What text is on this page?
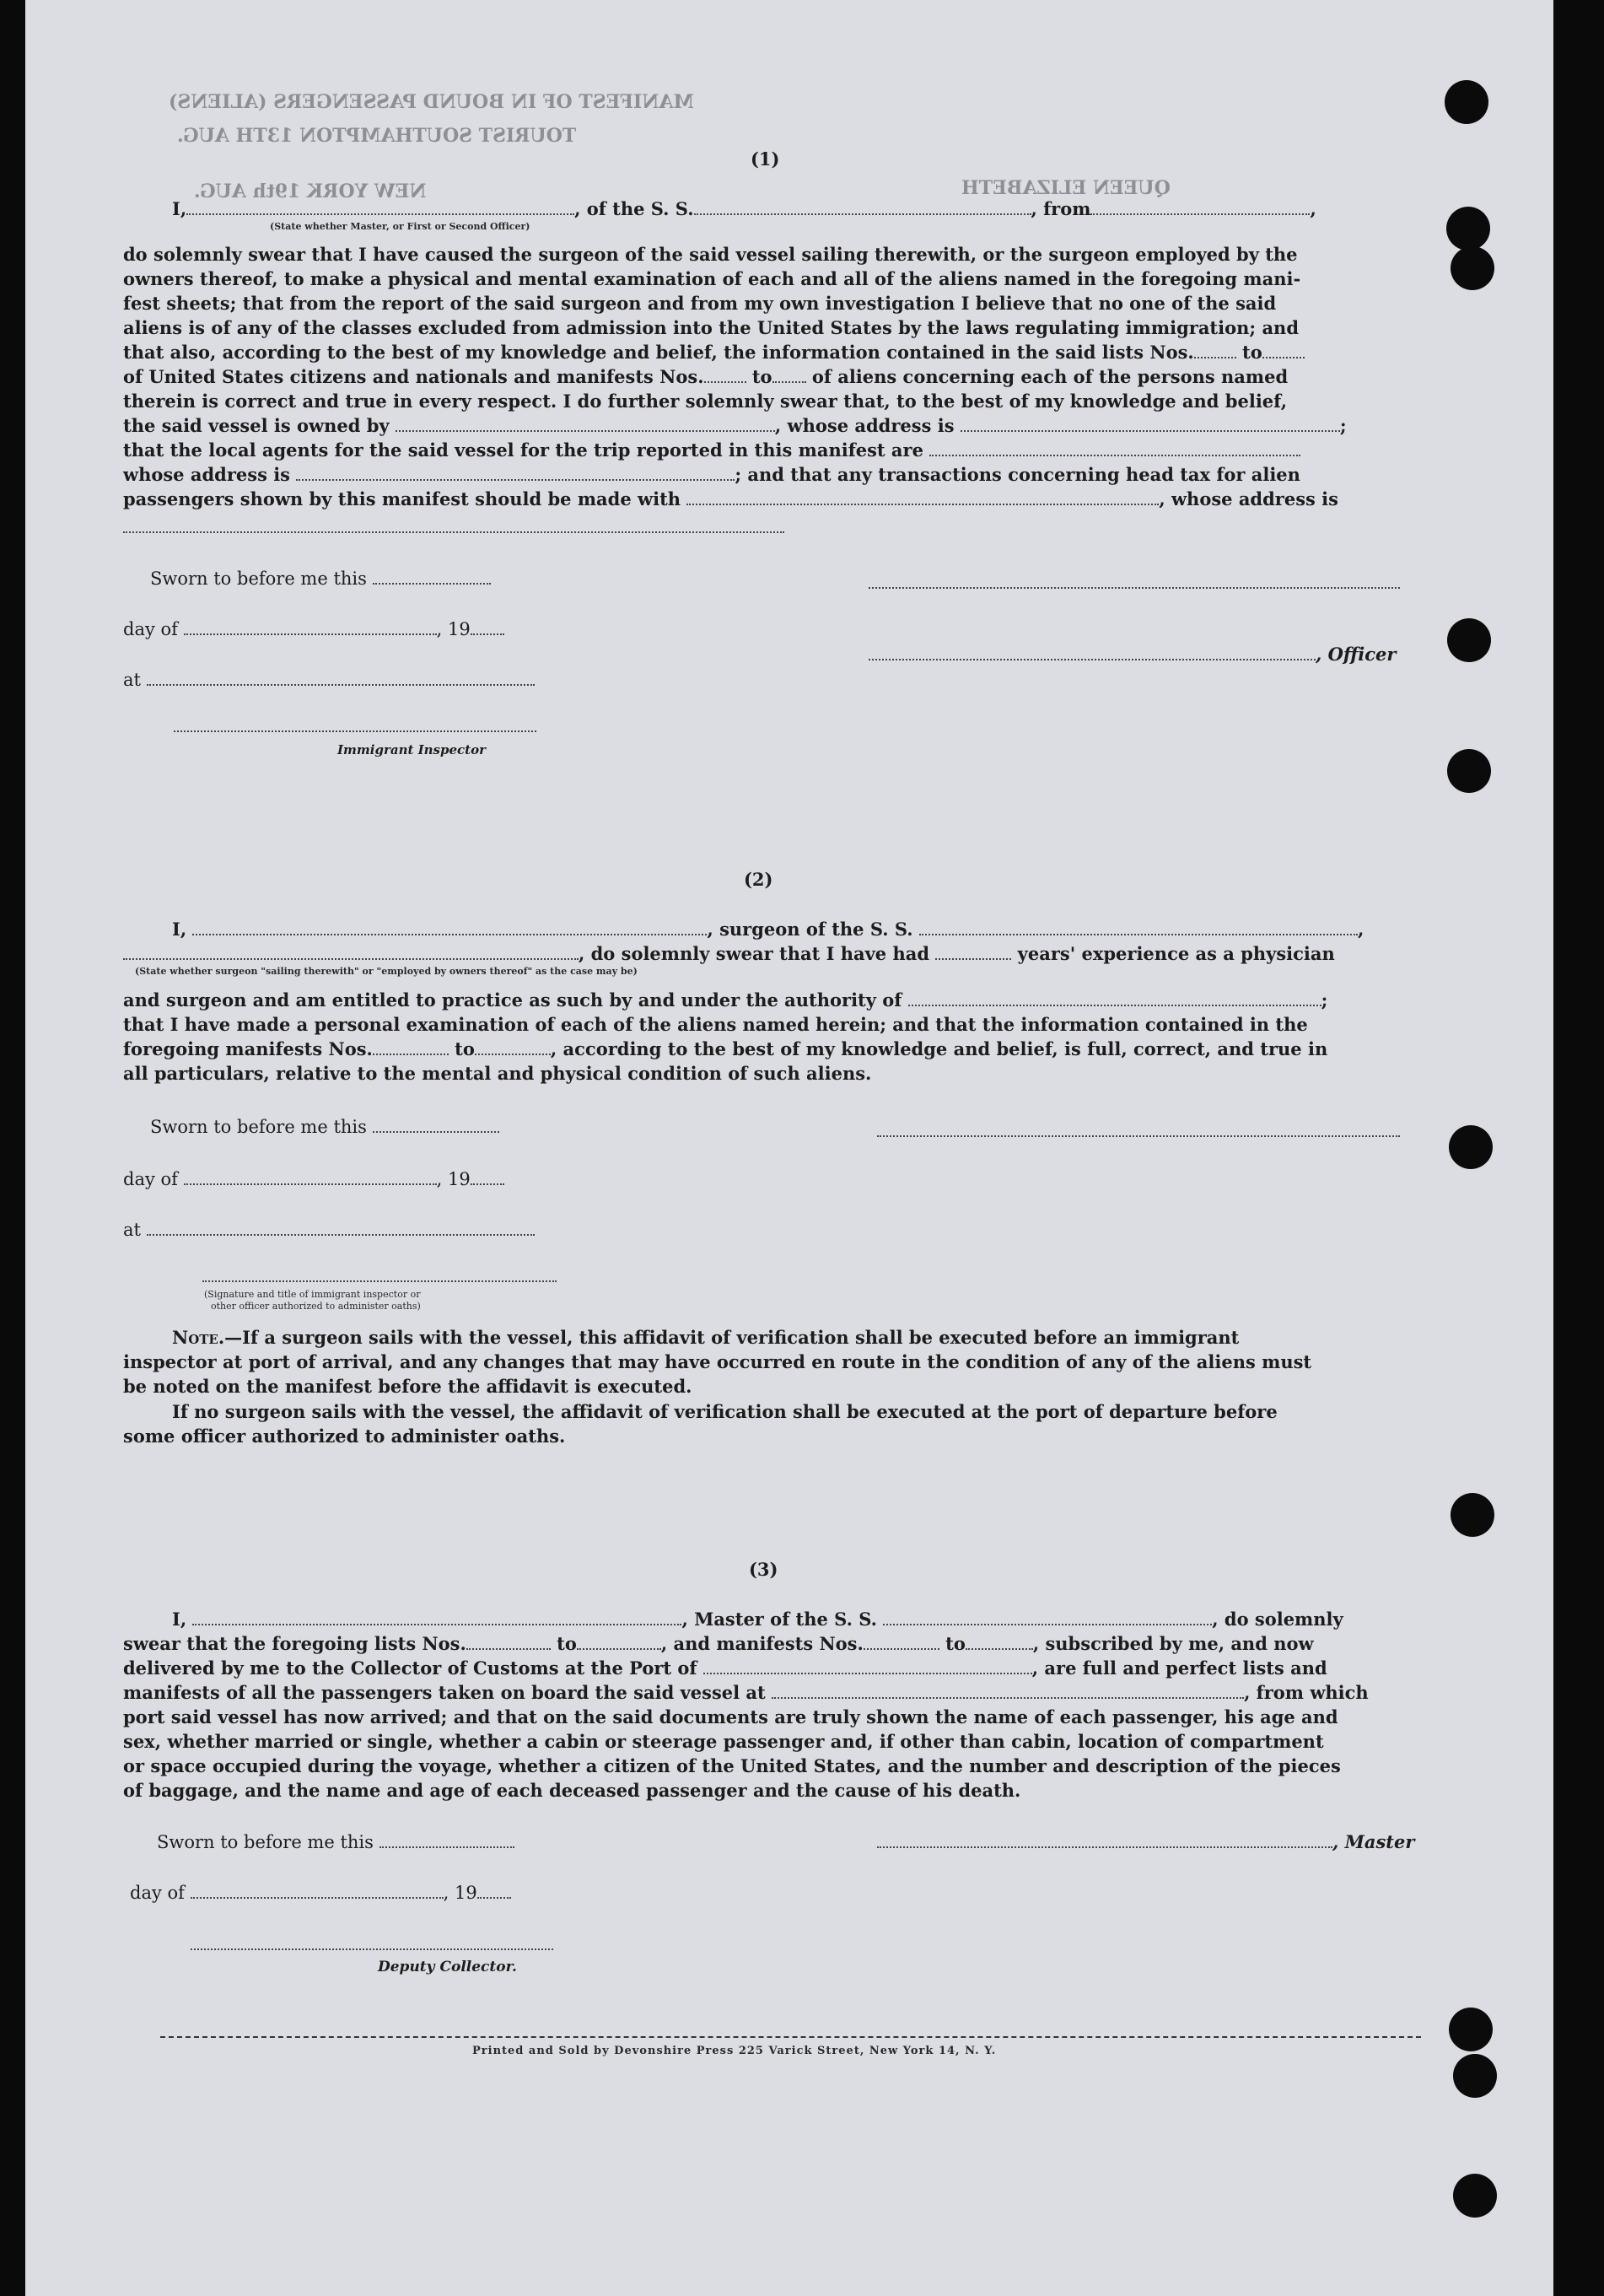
MANIFEST OF IN BOUND PASSENGERS (ALIENS)
TOURIST SOUTHAMPTON 13TH AUG.
QUEEN ELIZABETH
NEW YORK 19th AUG.
(1)
I,	, of the S. S.	, from	,
(State whether Master, or First or Second Officer)
do solemnly swear that I have caused the surgeon of the said vessel sailing therewith, or the surgeon employed by the
owners thereof, to make a physical and mental examination of each and all of the aliens named in the foregoing mani-
fest sheets; that from the report of the said surgeon and from my own investigation I believe that no one of the said
aliens is of any of the classes excluded from admission into the United States by the laws regulating immigration; and
that also, according to the best of my knowledge and belief, the information contained in the said lists Nos.	to
of United States citizens and nationals and manifests Nos.	to of aliens concerning each of the persons named
therein is correct and true in every respect. I do further solemnly swear that, to the best of my knowledge and belief,
the said vessel is owned by	, whose address is	;
that the local agents for the said vessel for the trip reported in this manifest are
whose address is	; and that any transactions concerning head tax for alien
passengers shown by this manifest should be made with	, whose address is
Sworn to before me this
day of	, 19
, Officer
at
Immigrant Inspector
(2)
I,	, surgeon of the S. S.	,
, do solemnly swear that I have had	years' experience as a physician
(State whether surgeon "sailing therewith" or "employed by owners thereof" as the case may be)
and surgeon and am entitled to practice as such by and under the authority of	;
that I have made a personal examination of each of the aliens named herein; and that the information contained in the
foregoing manifests Nos.	to	, according to the best of my knowledge and belief, is full, correct, and true in
all particulars, relative to the mental and physical condition of such aliens.
Sworn to before me this
day of	, 19
at
(Signature and title of immigrant inspector or
other officer authorized to administer oaths)
Note.—If a surgeon sails with the vessel, this affidavit of verification shall be executed before an immigrant
inspector at port of arrival, and any changes that may have occurred en route in the condition of any of the aliens must
be noted on the manifest before the affidavit is executed.
If no surgeon sails with the vessel, the affidavit of verification shall be executed at the port of departure before
some officer authorized to administer oaths.
(3)
I,	, Master of the S. S.	, do solemnly
swear that the foregoing lists Nos.	to	, and manifests Nos.	to	, subscribed by me, and now
delivered by me to the Collector of Customs at the Port of	, are full and perfect lists and
manifests of all the passengers taken on board the said vessel at	, from which
port said vessel has now arrived; and that on the said documents are truly shown the name of each passenger, his age and
sex, whether married or single, whether a cabin or steerage passenger and, if other than cabin, location of compartment
or space occupied during the voyage, whether a citizen of the United States, and the number and description of the pieces
of baggage, and the name and age of each deceased passenger and the cause of his death.
Sworn to before me this	, Master
day of	, 19
Deputy Collector.
Printed and Sold by Devonshire Press 225 Varick Street, New York 14, N. Y.
